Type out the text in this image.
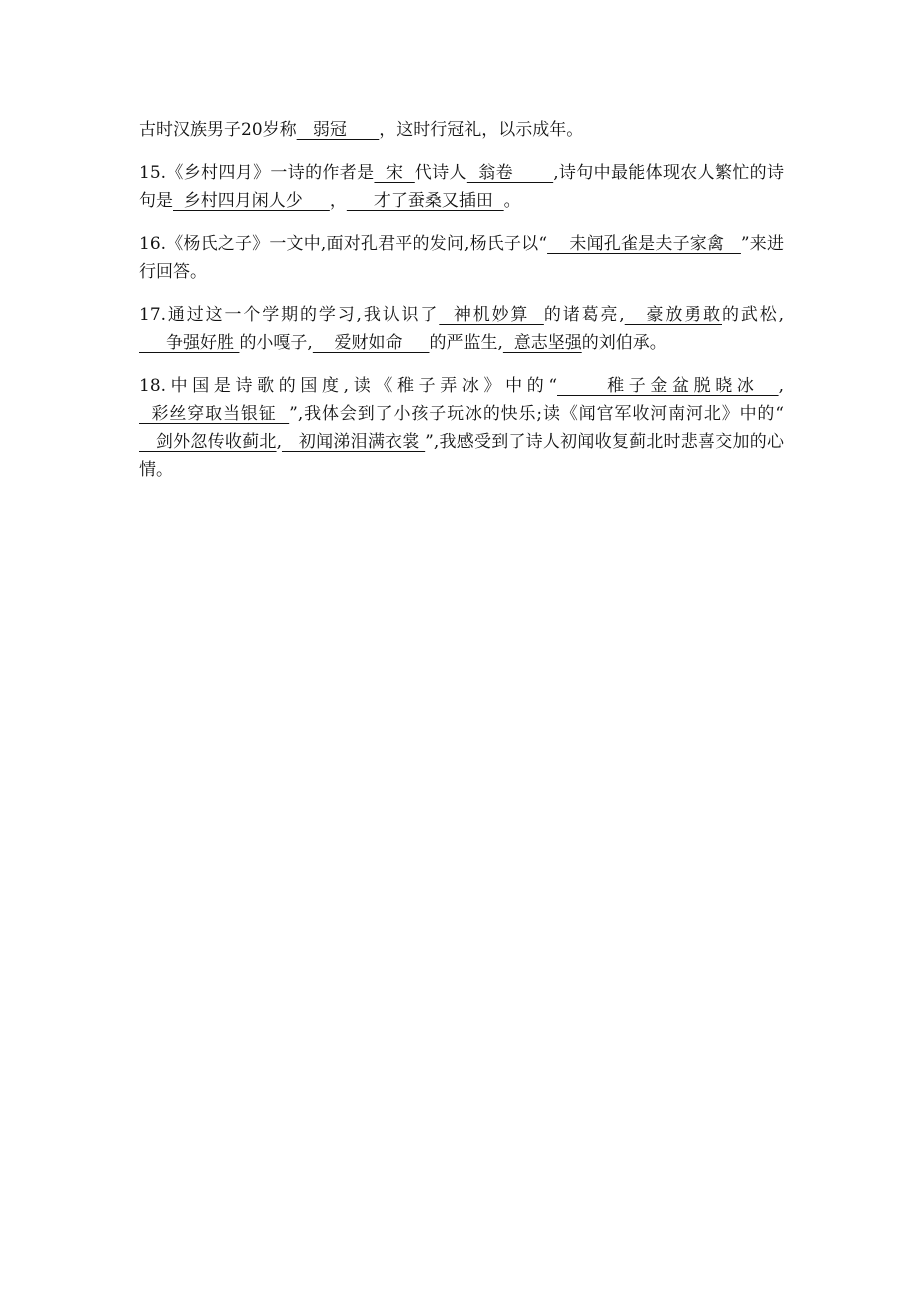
古时汉族男子20岁称   弱冠      ，这时行冠礼，以示成年。

15.《乡村四月》一诗的作者是  宋  代诗人  翁卷       ,诗句中最能体现农人繁忙的诗句是  乡村四月闲人少     ，     才了蚕桑又插田  。

16.《杨氏之子》一文中,面对孔君平的发问,杨氏子以“    未闻孔雀是夫子家禽   ”来进行回答。

17.通过这一个学期的学习,我认识了  神机妙算  的诸葛亮,   豪放勇敢的武松,     争强好胜 的小嘎子,    爱财如命     的严监生,  意志坚强的刘伯承。

18.中国是诗歌的国度,读《稚子弄冰》中的“     稚子金盆脱晓冰  ,  彩丝穿取当银钲  ”,我体会到了小孩子玩冰的快乐;读《闻官军收河南河北》中的“   剑外忽传收蓟北,   初闻涕泪满衣裳 ”,我感受到了诗人初闻收复蓟北时悲喜交加的心情。
